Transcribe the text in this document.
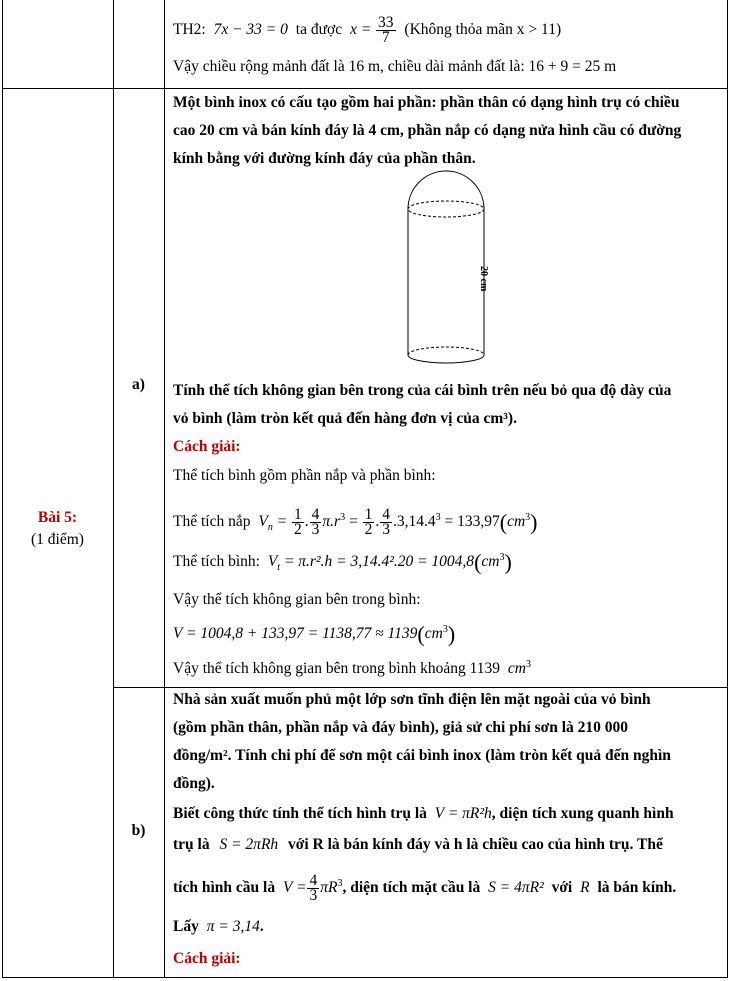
TH2: 7x − 33 = 0 ta được $x = \frac{33}{7}$ (Không thỏa mãn x > 11)
Vậy chiều rộng mảnh đất là 16 m, chiều dài mảnh đất là: 16 + 9 = 25 m
Bài 5:
(1 điểm)
a)
Một bình inox có cấu tạo gồm hai phần: phần thân có dạng hình trụ có chiều
cao 20 cm và bán kính đáy là 4 cm, phần nắp có dạng nửa hình cầu có đường
kính bằng với đường kính đáy của phần thân.
20 cm
Tính thể tích không gian bên trong của cái bình trên nếu bỏ qua độ dày của
vỏ bình (làm tròn kết quả đến hàng đơn vị của cm³).
Cách giải:
Thể tích bình gồm phần nắp và phần bình:
Thể tích nắp $V_n = \frac{1}{2}$ . $\frac{4}{3} \pi.r^3 = \frac{1}{2}$ . $\frac{4}{3} .3,14.4^3 = 133,97(cm^3)$
Thể tích bình: $V_t = \pi.r^2.h = 3,14.4^2.20 = 1004,8(cm^3)$
Vậy thể tích không gian bên trong bình:
$V = 1004,8 + 133,97 = 1138,77 \approx 1139(cm^3)$
Vậy thể tích không gian bên trong bình khoảng 1139 $cm^3$
b)
Nhà sản xuất muốn phủ một lớp sơn tĩnh điện lên mặt ngoài của vỏ bình
(gồm phần thân, phần nắp và đáy bình), giả sử chi phí sơn là 210 000
đồng/m². Tính chi phí để sơn một cái bình inox (làm tròn kết quả đến nghìn
đồng).
Biết công thức tính thể tích hình trụ là V = πR²h, diện tích xung quanh hình
trụ là S = 2πRh với R là bán kính đáy và h là chiều cao của hình trụ. Thể
tích hình cầu là $V = \frac{4}{3} \pi R^3$, diện tích mặt cầu là S = 4πR² với R là bán kính.
Lấy π = 3,14.
Cách giải:
